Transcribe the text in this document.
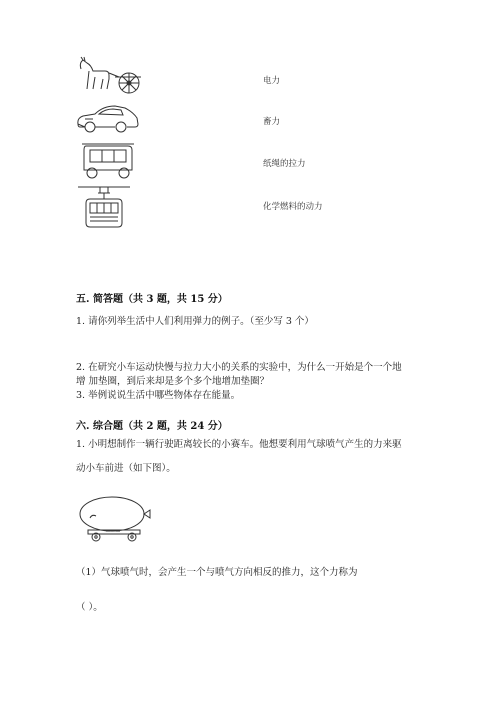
电力
畜力
纸绳的拉力
化学燃料的动力
五. 简答题（共 3 题，共 15 分）
1. 请你列举生活中人们利用弹力的例子。（至少写 3 个）
2. 在研究小车运动快慢与拉力大小的关系的实验中，为什么一开始是个一个地
增 加垫圈，到后来却是多个多个地增加垫圈？
3. 举例说说生活中哪些物体存在能量。
六. 综合题（共 2 题，共 24 分）
1. 小明想制作一辆行驶距离较长的小赛车。他想要利用气球喷气产生的力来驱
动小车前进（如下图）。
（1）气球喷气时，会产生一个与喷气方向相反的推力，这个力称为
（ ）。
